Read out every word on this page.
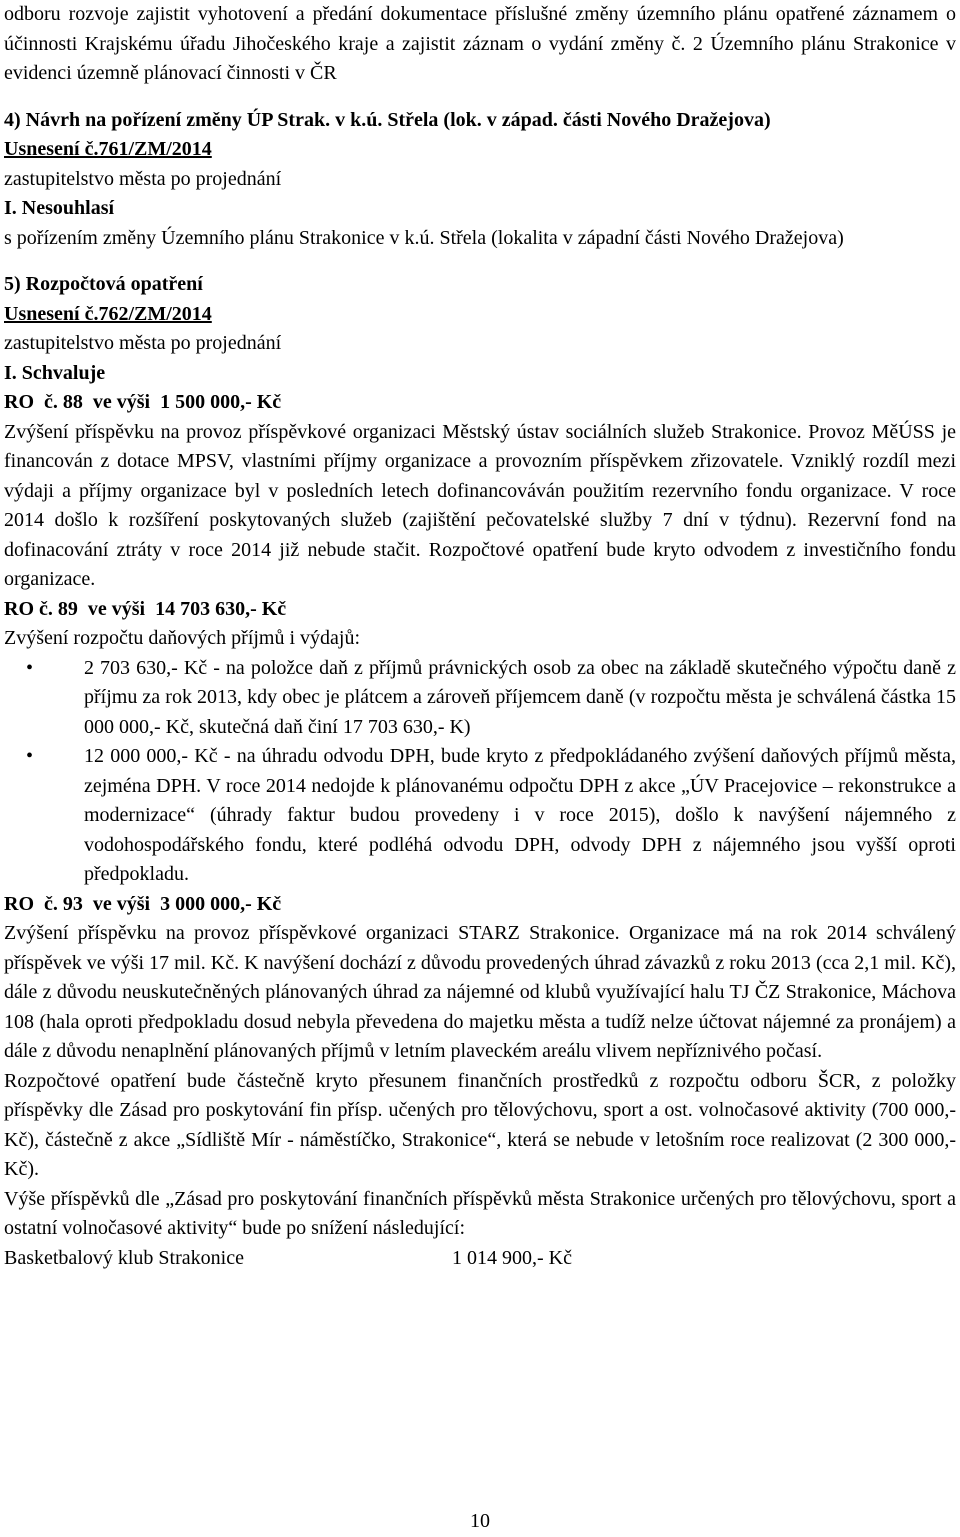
odboru rozvoje zajistit vyhotovení a předání dokumentace příslušné změny územního plánu opatřené záznamem o účinnosti Krajskému úřadu Jihočeského kraje a zajistit záznam o vydání změny č. 2 Územního plánu Strakonice v evidenci územně plánovací činnosti v ČR

4) Návrh na pořízení změny ÚP Strak. v k.ú. Střela (lok. v západ. části Nového Dražejova)

Usnesení č.761/ZM/2014

zastupitelstvo města po projednání

I. Nesouhlasí

s pořízením změny Územního plánu Strakonice v k.ú. Střela (lokalita v západní části Nového Dražejova)

5) Rozpočtová opatření

Usnesení č.762/ZM/2014

zastupitelstvo města po projednání

I. Schvaluje

RO  č. 88  ve výši  1 500 000,- Kč

Zvýšení příspěvku na provoz příspěvkové organizaci Městský ústav sociálních služeb Strakonice. Provoz MěÚSS je financován z dotace MPSV, vlastními příjmy organizace a provozním příspěvkem zřizovatele. Vzniklý rozdíl mezi výdaji a příjmy organizace byl v posledních letech dofinancováván použitím rezervního fondu organizace. V roce 2014 došlo k rozšíření poskytovaných služeb (zajištění pečovatelské služby 7 dní v týdnu). Rezervní fond na dofinacování ztráty v roce 2014 již nebude stačit. Rozpočtové opatření bude kryto odvodem z investičního fondu organizace.

RO č. 89  ve výši  14 703 630,- Kč

Zvýšení rozpočtu daňových příjmů i výdajů:

•	2 703 630,- Kč - na položce daň z příjmů právnických osob za obec na základě skutečného výpočtu daně z příjmu za rok 2013, kdy obec je plátcem a zároveň příjemcem daně (v rozpočtu města je schválená částka 15 000 000,- Kč, skutečná daň činí 17 703 630,- K)
•	12 000 000,- Kč - na úhradu odvodu DPH, bude kryto z předpokládaného zvýšení daňových příjmů města, zejména DPH. V roce 2014 nedojde k plánovanému odpočtu DPH z akce „ÚV Pracejovice – rekonstrukce a modernizace“ (úhrady faktur budou provedeny i v roce 2015), došlo k navýšení nájemného z vodohospodářského fondu, které podléhá odvodu DPH, odvody DPH z nájemného jsou vyšší oproti předpokladu.

RO  č. 93  ve výši  3 000 000,- Kč

Zvýšení příspěvku na provoz příspěvkové organizaci STARZ Strakonice. Organizace má na rok 2014 schválený příspěvek ve výši 17 mil. Kč. K navýšení dochází z důvodu provedených úhrad závazků z roku 2013 (cca 2,1 mil. Kč), dále z důvodu neuskutečněných plánovaných úhrad za nájemné od klubů využívající halu TJ ČZ Strakonice, Máchova 108 (hala oproti předpokladu dosud nebyla převedena do majetku města a tudíž nelze účtovat nájemné za pronájem) a dále z důvodu nenaplnění plánovaných příjmů v letním plaveckém areálu vlivem nepříznivého počasí.

Rozpočtové opatření bude částečně kryto přesunem finančních prostředků z rozpočtu odboru ŠCR, z položky příspěvky dle Zásad pro poskytování fin přísp. učených pro tělovýchovu, sport a ost. volnočasové aktivity (700 000,- Kč), částečně z akce „Sídliště Mír - náměstíčko, Strakonice“, která se nebude v letošním roce realizovat (2 300 000,- Kč).

Výše příspěvků dle „Zásad pro poskytování finančních příspěvků města Strakonice určených pro tělovýchovu, sport a ostatní volnočasové aktivity“ bude po snížení následující:

Basketbalový klub Strakonice	1 014 900,- Kč
10
